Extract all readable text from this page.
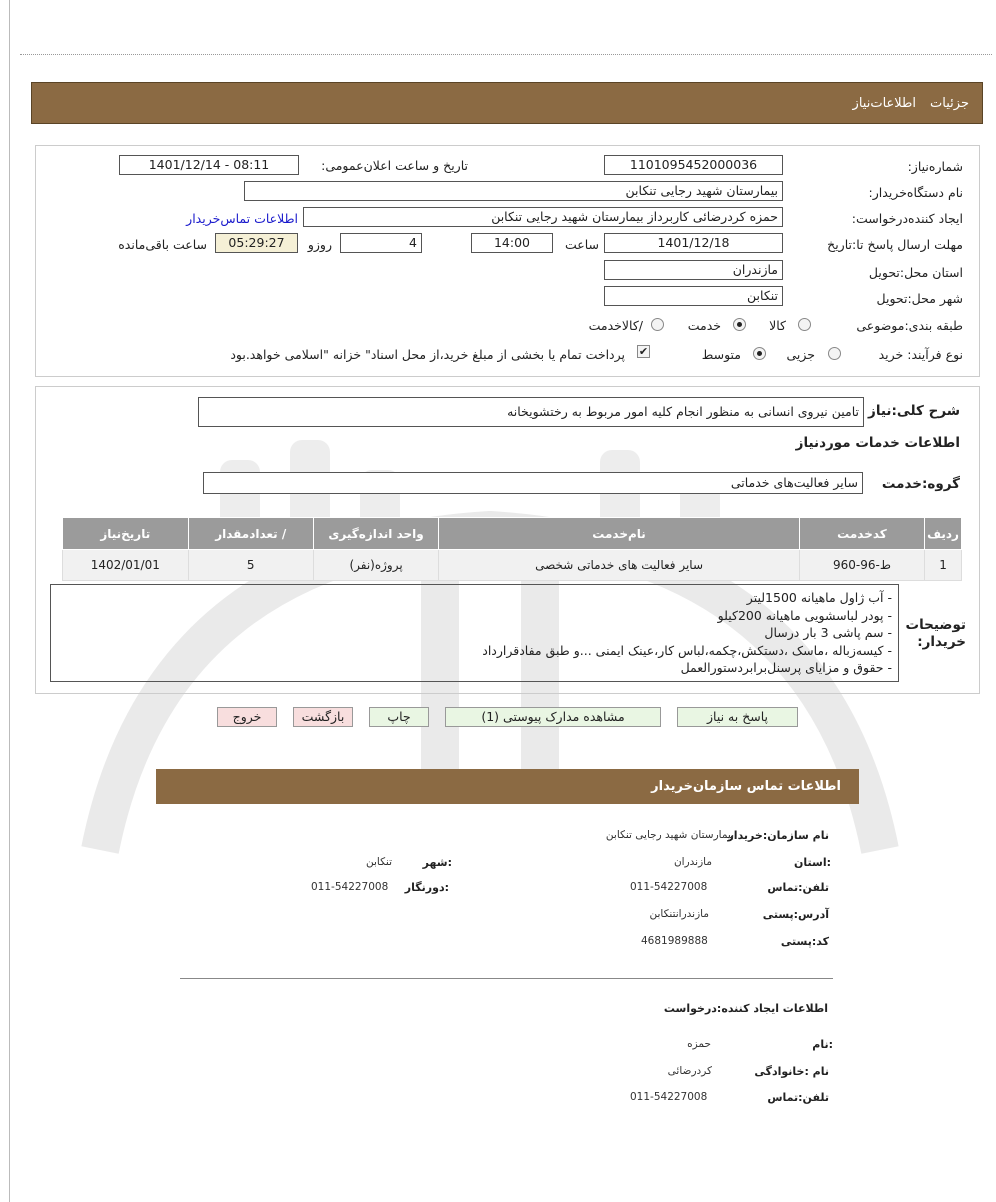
جزئیات
اطلاعات‌نیاز
شماره‌نیاز:
1101095452000036
تاریخ و ساعت اعلان‌عمومی:
1401/12/14 - 08:11
نام دستگاه‌خریدار:
بیمارستان شهید رجایی تنکابن
ایجاد کننده‌درخواست:
حمزه کردرضائی کاربرداز بیمارستان شهید رجایی تنکابن
اطلاعات تماس‌خریدار
مهلت ارسال پاسخ تا:تاریخ
1401/12/18
ساعت
14:00
روزو	4
05:29:27
ساعت باقی‌مانده
استان محل:تحویل
مازندران
شهر محل:تحویل
تنکابن
طبقه بندی:موضوعی
کالا
خدمت
/کالاخدمت
نوع فرآیند: خرید
جزیی
متوسط
✔
پرداخت تمام یا بخشی از مبلغ خرید،از محل اسناد" خزانه "اسلامی خواهد.بود
شرح کلی:نیاز
تامین نیروی انسانی به منظور انجام کلیه امور مربوط به رختشویخانه
اطلاعات خدمات موردنیاز
گروه:خدمت
سایر فعالیت‌های خدماتی
ردیف	کدخدمت	نام‌خدمت	واحد اندازه‌گیری	/ تعدادمقدار	تاریخ‌نیاز
1	ط-96-960	سایر فعالیت های خدماتی شخصی	پروژه(نفر)	5	1402/01/01
توضیحات خریدار:
- آب ژاول ماهیانه 1500لیتر
- پودر لباسشویی ماهیانه 200کیلو
- سم پاشی 3 بار درسال
- کیسه‌زباله ،ماسک ،دستکش،چکمه،لباس کار،عینک ایمنی ...و طبق مفادقرارداد
- حقوق و مزایای پرسنل‌برابردستورالعمل
پاسخ به نیاز
مشاهده مدارک پیوستی (1)
چاپ
بازگشت
خروج
اطلاعات تماس سازمان‌خریدار
نام سازمان:خریدار
بیمارستان شهید رجایی تنکابن
:استان
مازندران
:شهر
تنکابن
تلفن:تماس
011-54227008
:دورنگار
011-54227008
آدرس:پستی
مازندرانتنکابن
کد:پستی
4681989888
اطلاعات ایجاد کننده:درخواست
:نام
حمزه
نام :خانوادگی
کردرضائی
تلفن:تماس
011-54227008
